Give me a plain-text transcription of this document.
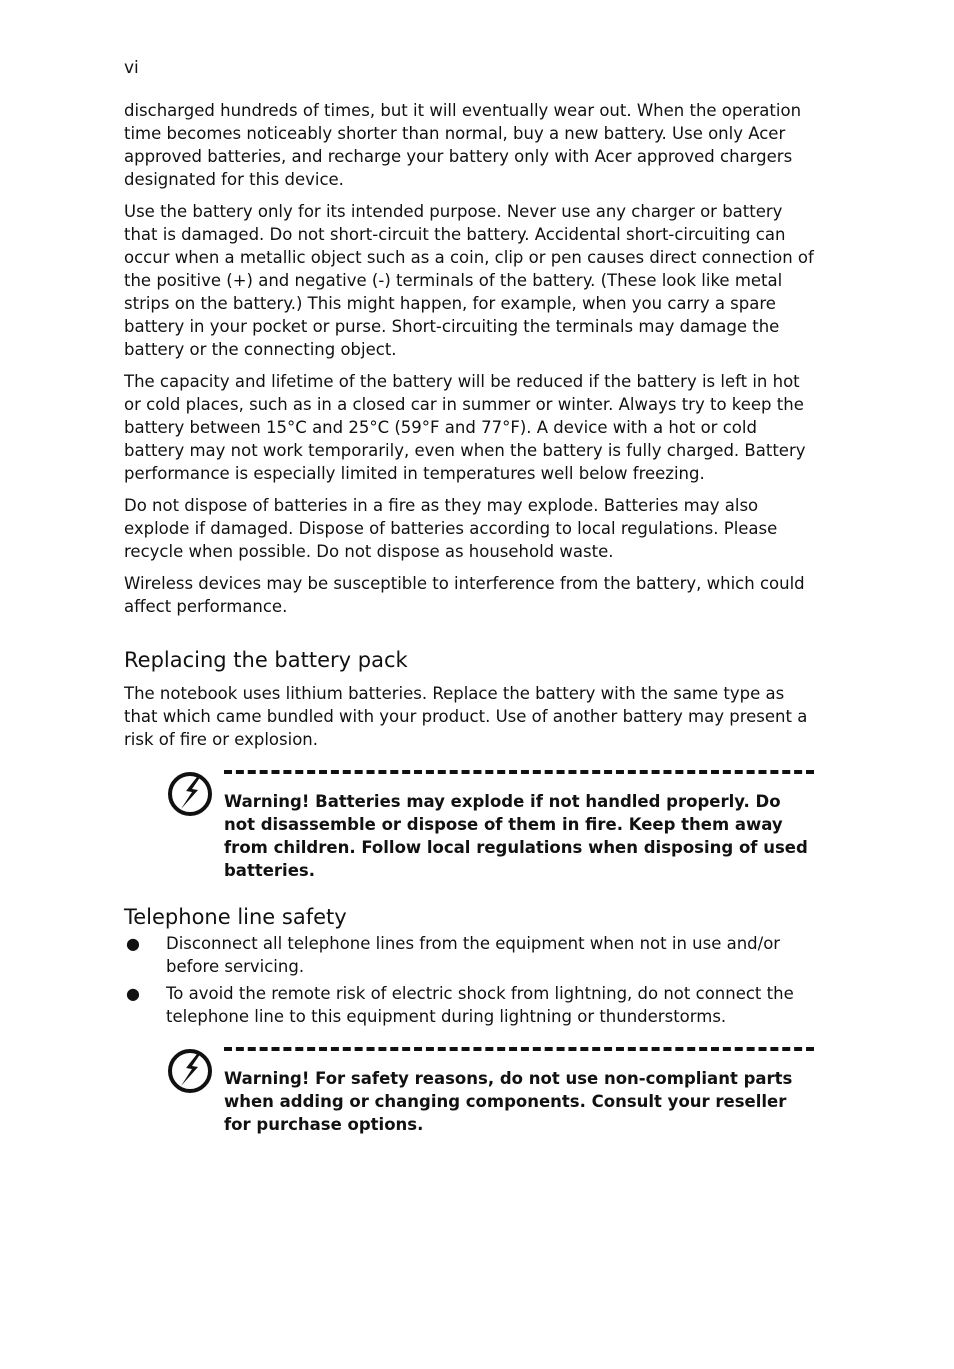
vi

discharged hundreds of times, but it will eventually wear out. When the operation time becomes noticeably shorter than normal, buy a new battery. Use only Acer approved batteries, and recharge your battery only with Acer approved chargers designated for this device.

Use the battery only for its intended purpose. Never use any charger or battery that is damaged. Do not short-circuit the battery. Accidental short-circuiting can occur when a metallic object such as a coin, clip or pen causes direct connection of the positive (+) and negative (-) terminals of the battery. (These look like metal strips on the battery.) This might happen, for example, when you carry a spare battery in your pocket or purse. Short-circuiting the terminals may damage the battery or the connecting object.

The capacity and lifetime of the battery will be reduced if the battery is left in hot or cold places, such as in a closed car in summer or winter. Always try to keep the battery between 15°C and 25°C (59°F and 77°F). A device with a hot or cold battery may not work temporarily, even when the battery is fully charged. Battery performance is especially limited in temperatures well below freezing.

Do not dispose of batteries in a fire as they may explode. Batteries may also explode if damaged. Dispose of batteries according to local regulations. Please recycle when possible. Do not dispose as household waste.

Wireless devices may be susceptible to interference from the battery, which could affect performance.

Replacing the battery pack

The notebook uses lithium batteries. Replace the battery with the same type as that which came bundled with your product. Use of another battery may present a risk of fire or explosion.

Warning! Batteries may explode if not handled properly. Do not disassemble or dispose of them in fire. Keep them away from children. Follow local regulations when disposing of used batteries.
Telephone line safety
● Disconnect all telephone lines from the equipment when not in use and/or before servicing.
● To avoid the remote risk of electric shock from lightning, do not connect the telephone line to this equipment during lightning or thunderstorms.
Warning! For safety reasons, do not use non-compliant parts when adding or changing components. Consult your reseller for purchase options.
